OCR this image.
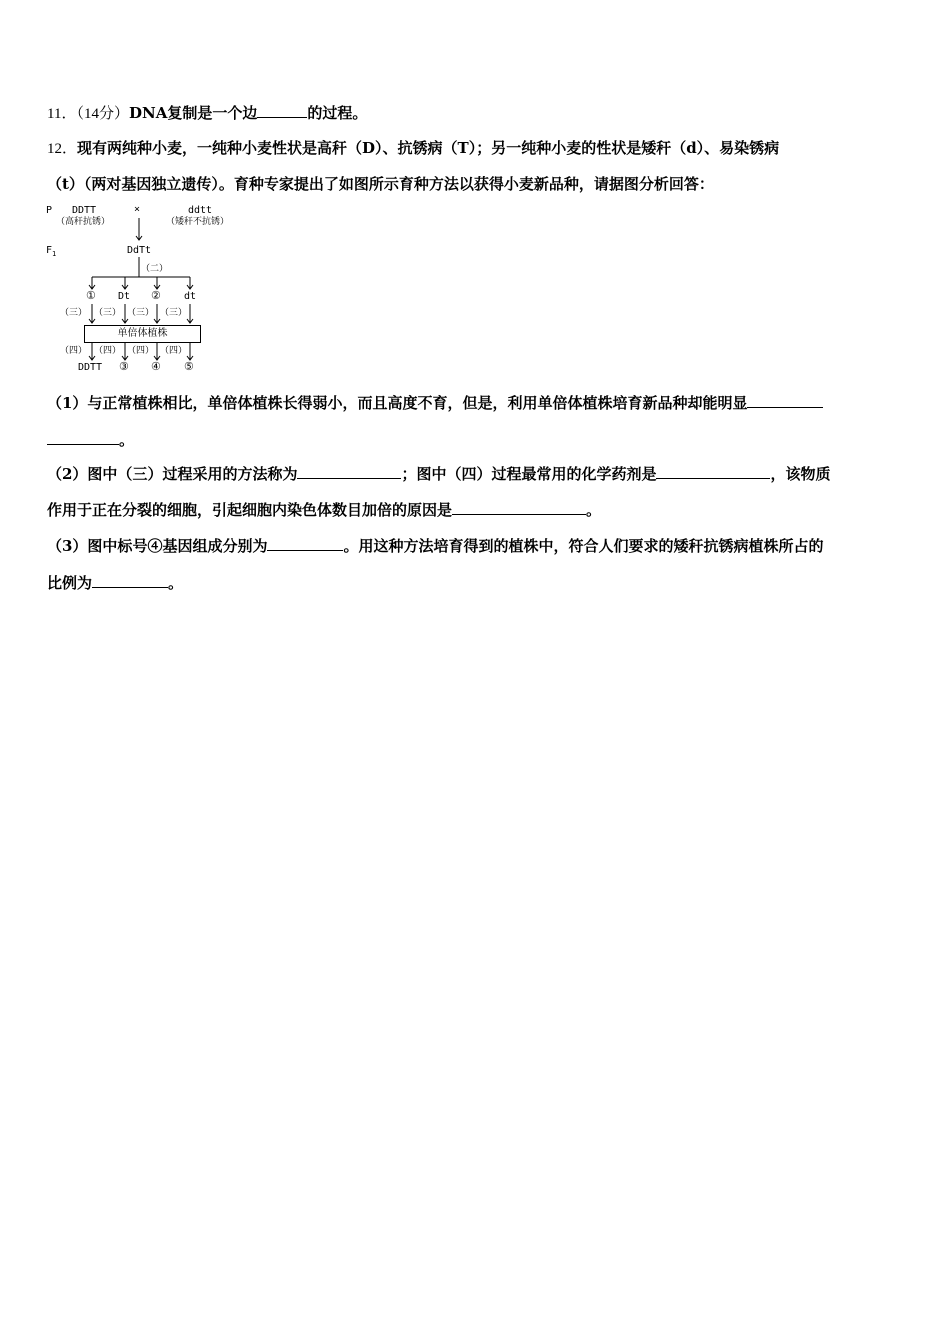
11．（14分）DNA复制是一个边	的过程。
12．现有两纯种小麦，一纯种小麦性状是高秆（D）、抗锈病（T）；另一纯种小麦的性状是矮秆（d）、易染锈病
（t）（两对基因独立遗传）。育种专家提出了如图所示育种方法以获得小麦新品种，请据图分析回答：
P DDTT
（高秆抗锈）
×	ddtt
（矮秆不抗锈）
$F_1$	DdTt
（二）
① Dt ② dt
（三） （三） （三） （三）
单倍体植株
（四） （四） （四） （四）
DDTT ③ ④ ⑤
（1）与正常植株相比，单倍体植株长得弱小，而且高度不育，但是，利用单倍体植株培育新品种却能明显
。
（2）图中（三）过程采用的方法称为	；图中（四）过程最常用的化学药剂是	，该物质
作用于正在分裂的细胞，引起细胞内染色体数目加倍的原因是	。
（3）图中标号④基因组成分别为	。用这种方法培育得到的植株中，符合人们要求的矮秆抗锈病植株所占的
比例为	。
